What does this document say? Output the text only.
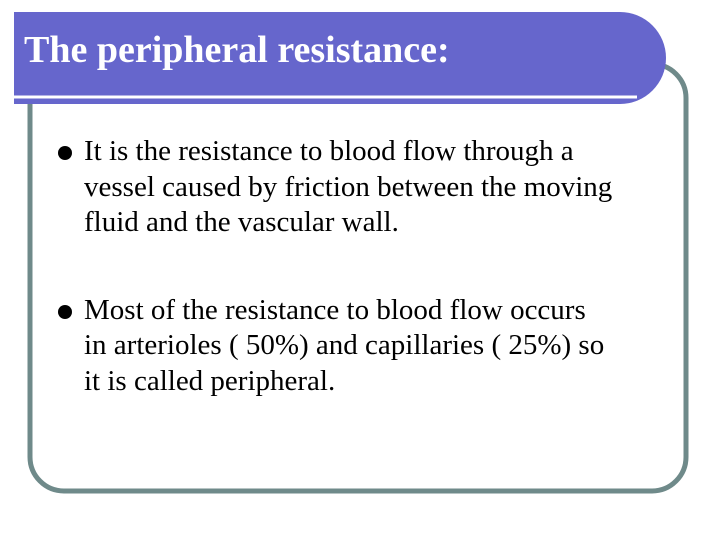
The peripheral resistance:
It is the resistance to blood flow through a
vessel caused by friction between the moving
fluid and the vascular wall.
Most of the resistance to blood flow occurs
in arterioles ( 50%) and capillaries ( 25%) so
it is called peripheral.
